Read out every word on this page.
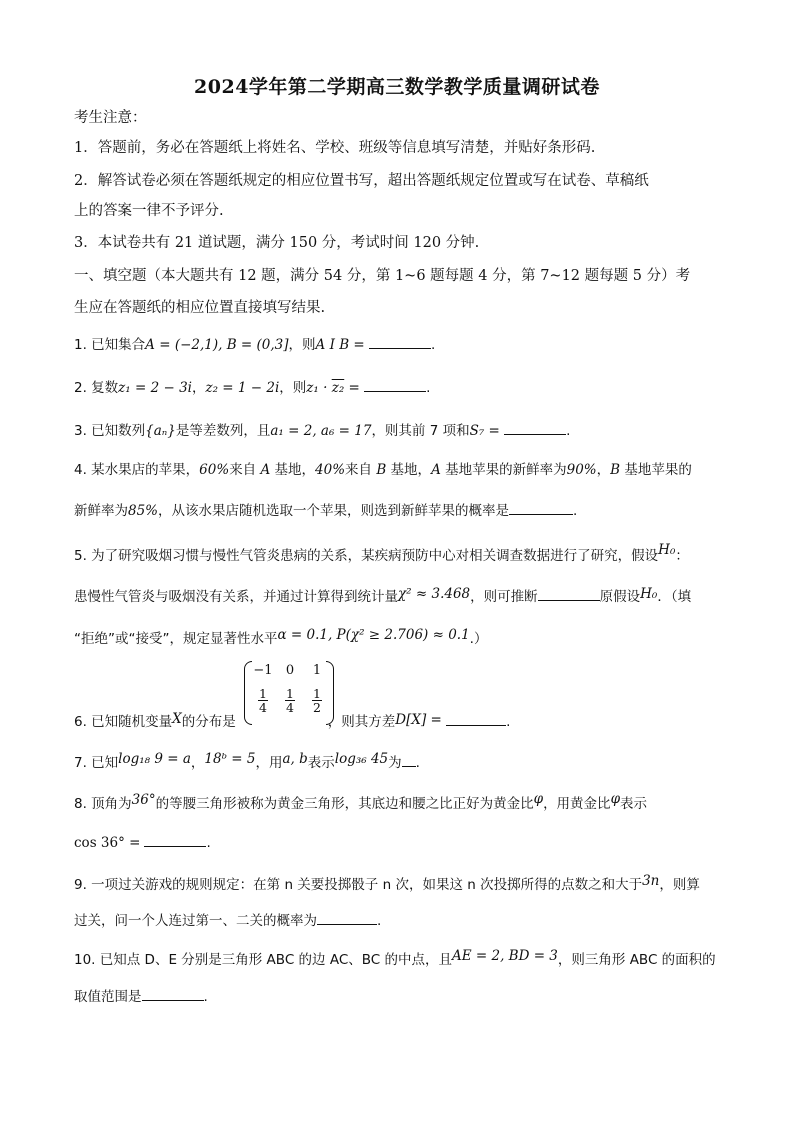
2024学年第二学期高三数学教学质量调研试卷
考生注意：
1．答题前，务必在答题纸上将姓名、学校、班级等信息填写清楚，并贴好条形码.
2．解答试卷必须在答题纸规定的相应位置书写，超出答题纸规定位置或写在试卷、草稿纸
上的答案一律不予评分.
3．本试卷共有 21 道试题，满分 150 分，考试时间 120 分钟.
一、填空题（本大题共有 12 题，满分 54 分，第 1~6 题每题 4 分，第 7~12 题每题 5 分）考
生应在答题纸的相应位置直接填写结果.
1. 已知集合A = (−2,1), B = (0,3]，则A I B =	.
2. 复数z₁ = 2 − 3i，z₂ = 1 − 2i，则z₁ · z₂ =	.
3. 已知数列{aₙ}是等差数列，且a₁ = 2, a₆ = 17，则其前 7 项和S₇ =	.
4. 某水果店的苹果，60%来自 A 基地，40%来自 B 基地，A 基地苹果的新鲜率为90%，B 基地苹果的
新鲜率为85%，从该水果店随机选取一个苹果，则选到新鲜苹果的概率是	.
5. 为了研究吸烟习惯与慢性气管炎患病的关系，某疾病预防中心对相关调查数据进行了研究，假设H₀：
患慢性气管炎与吸烟没有关系，并通过计算得到统计量χ² ≈ 3.468，则可推断	原假设H₀．（填
“拒绝”或“接受”，规定显著性水平α = 0.1, P(χ² ≥ 2.706) ≈ 0.1.）
−1	0	1
$\frac{1}{4} \frac{1}{4} \frac{1}{2}$
6. 已知随机变量X的分布是	，则其方差D[X] =	.
7. 已知log₁₈ 9 = a，18ᵇ = 5，用a, b表示log₃₆ 45为 .
8. 顶角为36°的等腰三角形被称为黄金三角形，其底边和腰之比正好为黄金比φ，用黄金比φ表示
cos 36° =	.
9. 一项过关游戏的规则规定：在第 n 关要投掷骰子 n 次，如果这 n 次投掷所得的点数之和大于3n，则算
过关，问一个人连过第一、二关的概率为	.
10. 已知点 D、E 分别是三角形 ABC 的边 AC、BC 的中点，且AE = 2, BD = 3，则三角形 ABC 的面积的
取值范围是	.
